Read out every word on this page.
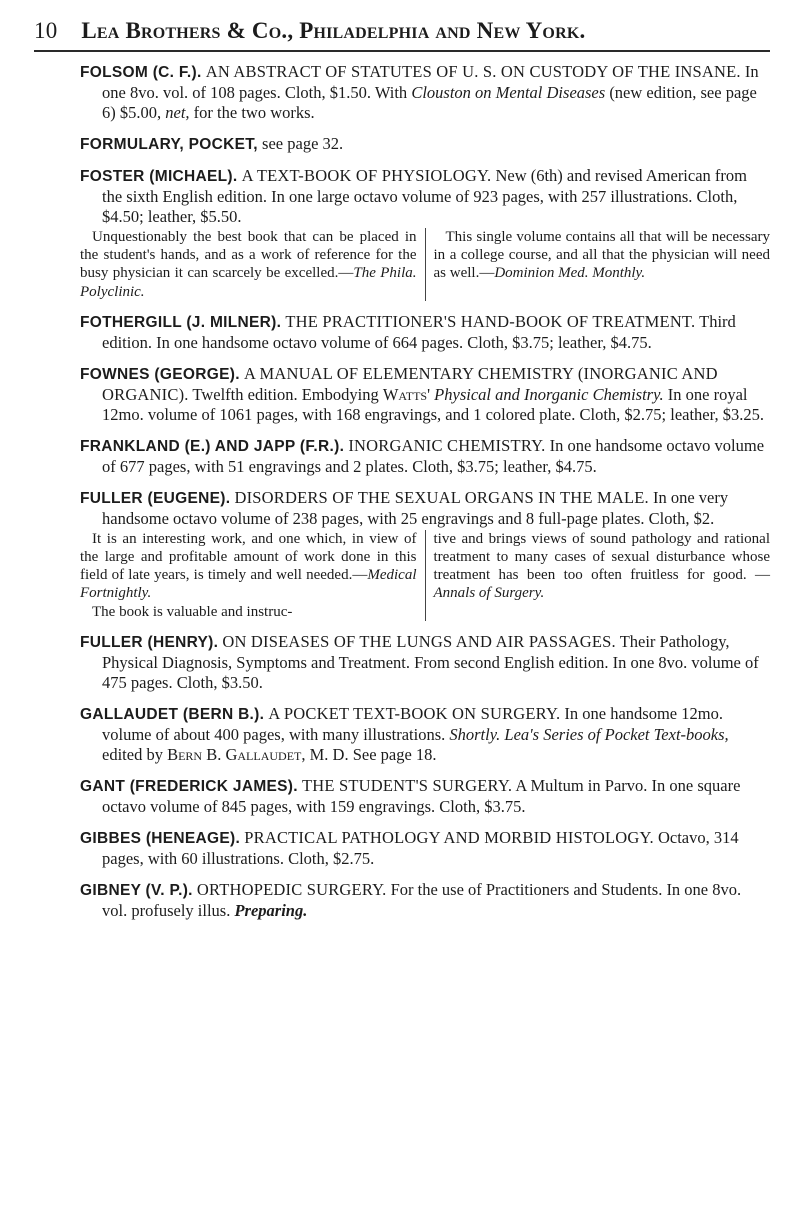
10 Lea Brothers & Co., Philadelphia and New York.

FOLSOM (C. F.). AN ABSTRACT OF STATUTES OF U. S. ON CUSTODY OF THE INSANE. In one 8vo. vol. of 108 pages. Cloth, $1.50. With Clouston on Mental Diseases (new edition, see page 6) $5.00, net, for the two works.

FORMULARY, POCKET, see page 32.

FOSTER (MICHAEL). A TEXT-BOOK OF PHYSIOLOGY. New (6th) and revised American from the sixth English edition. In one large octavo volume of 923 pages, with 257 illustrations. Cloth, $4.50; leather, $5.50.

Unquestionably the best book that can be placed in the student's hands, and as a work of reference for the busy physician it can scarcely be excelled.—The Phila. Polyclinic.
This single volume contains all that will be necessary in a college course, and all that the physician will need as well.—Dominion Med. Monthly.

FOTHERGILL (J. MILNER). THE PRACTITIONER'S HAND-BOOK OF TREATMENT. Third edition. In one handsome octavo volume of 664 pages. Cloth, $3.75; leather, $4.75.

FOWNES (GEORGE). A MANUAL OF ELEMENTARY CHEMISTRY (INORGANIC AND ORGANIC). Twelfth edition. Embodying Watts' Physical and Inorganic Chemistry. In one royal 12mo. volume of 1061 pages, with 168 engravings, and 1 colored plate. Cloth, $2.75; leather, $3.25.

FRANKLAND (E.) AND JAPP (F.R.). INORGANIC CHEMISTRY. In one handsome octavo volume of 677 pages, with 51 engravings and 2 plates. Cloth, $3.75; leather, $4.75.

FULLER (EUGENE). DISORDERS OF THE SEXUAL ORGANS IN THE MALE. In one very handsome octavo volume of 238 pages, with 25 engravings and 8 full-page plates. Cloth, $2.

It is an interesting work, and one which, in view of the large and profitable amount of work done in this field of late years, is timely and well needed.—Medical Fortnightly.
The book is valuable and instruc-
tive and brings views of sound pathology and rational treatment to many cases of sexual disturbance whose treatment has been too often fruitless for good. — Annals of Surgery.

FULLER (HENRY). ON DISEASES OF THE LUNGS AND AIR PASSAGES. Their Pathology, Physical Diagnosis, Symptoms and Treatment. From second English edition. In one 8vo. volume of 475 pages. Cloth, $3.50.

GALLAUDET (BERN B.). A POCKET TEXT-BOOK ON SURGERY. In one handsome 12mo. volume of about 400 pages, with many illustrations. Shortly. Lea's Series of Pocket Text-books, edited by Bern B. Gallaudet, M. D. See page 18.

GANT (FREDERICK JAMES). THE STUDENT'S SURGERY. A Multum in Parvo. In one square octavo volume of 845 pages, with 159 engravings. Cloth, $3.75.

GIBBES (HENEAGE). PRACTICAL PATHOLOGY AND MORBID HISTOLOGY. Octavo, 314 pages, with 60 illustrations. Cloth, $2.75.

GIBNEY (V. P.). ORTHOPEDIC SURGERY. For the use of Practitioners and Students. In one 8vo. vol. profusely illus. Preparing.
